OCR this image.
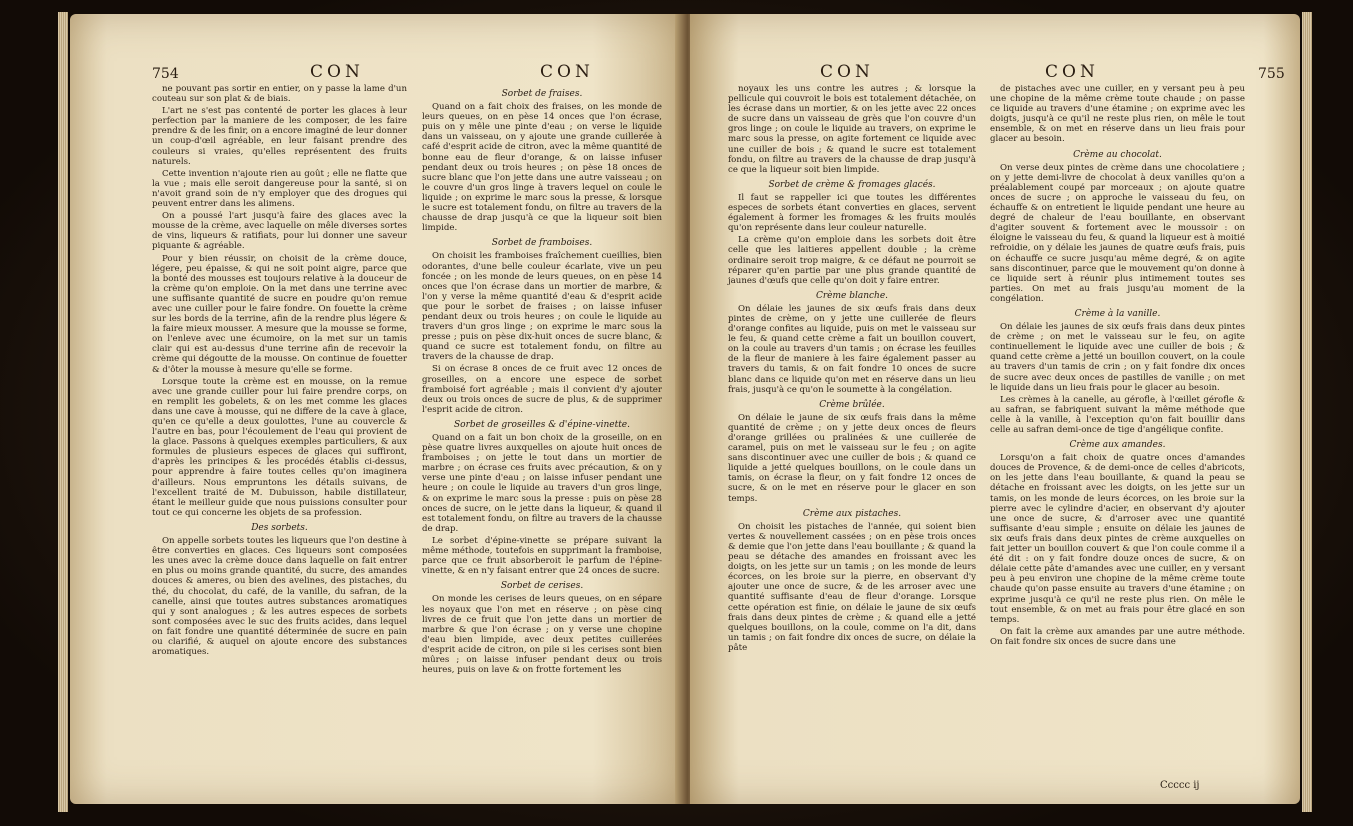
754	CON	CON

ne pouvant pas sortir en entier, on y passe la lame d'un couteau sur son plat & de biais.

L'art ne s'est pas contenté de porter les glaces à leur perfection par la maniere de les composer, de les faire prendre & de les finir, on a encore imaginé de leur donner un coup-d'œil agréable, en leur faisant prendre des couleurs si vraies, qu'elles représentent des fruits naturels.

Cette invention n'ajoute rien au goût ; elle ne flatte que la vue ; mais elle seroit dangereuse pour la santé, si on n'avoit grand soin de n'y employer que des drogues qui peuvent entrer dans les alimens.

On a poussé l'art jusqu'à faire des glaces avec la mousse de la crème, avec laquelle on mêle diverses sortes de vins, liqueurs & ratifiats, pour lui donner une saveur piquante & agréable.

Pour y bien réussir, on choisit de la crème douce, légere, peu épaisse, & qui ne soit point aigre, parce que la bonté des mousses est toujours relative à la douceur de la crème qu'on emploie. On la met dans une terrine avec une suffisante quantité de sucre en poudre qu'on remue avec une cuiller pour le faire fondre. On fouette la crème sur les bords de la terrine, afin de la rendre plus légere & la faire mieux mousser. A mesure que la mousse se forme, on l'enleve avec une écumoire, on la met sur un tamis clair qui est au-dessus d'une terrine afin de recevoir la crème qui dégoutte de la mousse. On continue de fouetter & d'ôter la mousse à mesure qu'elle se forme.

Lorsque toute la crème est en mousse, on la remue avec une grande cuiller pour lui faire prendre corps, on en remplit les gobelets, & on les met comme les glaces dans une cave à mousse, qui ne differe de la cave à glace, qu'en ce qu'elle a deux goulottes, l'une au couvercle & l'autre en bas, pour l'écoulement de l'eau qui provient de la glace. Passons à quelques exemples particuliers, & aux formules de plusieurs especes de glaces qui suffiront, d'après les principes & les procédés établis ci-dessus, pour apprendre à faire toutes celles qu'on imaginera d'ailleurs. Nous empruntons les détails suivans, de l'excellent traité de M. Dubuisson, habile distillateur, étant le meilleur guide que nous puissions consulter pour tout ce qui concerne les objets de sa profession.

Des sorbets.

On appelle sorbets toutes les liqueurs que l'on destine à être converties en glaces. Ces liqueurs sont composées les unes avec la crème douce dans laquelle on fait entrer en plus ou moins grande quantité, du sucre, des amandes douces & ameres, ou bien des avelines, des pistaches, du thé, du chocolat, du café, de la vanille, du safran, de la canelle, ainsi que toutes autres substances aromatiques qui y sont analogues ; & les autres especes de sorbets sont composées avec le suc des fruits acides, dans lequel on fait fondre une quantité déterminée de sucre en pain ou clarifié, & auquel on ajoute encore des substances aromatiques.

Sorbet de fraises.

Quand on a fait choix des fraises, on les monde de leurs queues, on en pèse 14 onces que l'on écrase, puis on y mêle une pinte d'eau ; on verse le liquide dans un vaisseau, on y ajoute une grande cuillerée à café d'esprit acide de citron, avec la même quantité de bonne eau de fleur d'orange, & on laisse infuser pendant deux ou trois heures ; on pèse 18 onces de sucre blanc que l'on jette dans une autre vaisseau ; on le couvre d'un gros linge à travers lequel on coule le liquide ; on exprime le marc sous la presse, & lorsque le sucre est totalement fondu, on filtre au travers de la chausse de drap jusqu'à ce que la liqueur soit bien limpide.

Sorbet de framboises.

On choisit les framboises fraîchement cueillies, bien odorantes, d'une belle couleur écarlate, vive un peu foncée ; on les monde de leurs queues, on en pèse 14 onces que l'on écrase dans un mortier de marbre, & l'on y verse la même quantité d'eau & d'esprit acide que pour le sorbet de fraises ; on laisse infuser pendant deux ou trois heures ; on coule le liquide au travers d'un gros linge ; on exprime le marc sous la presse ; puis on pèse dix-huit onces de sucre blanc, & quand ce sucre est totalement fondu, on filtre au travers de la chausse de drap.

Si on écrase 8 onces de ce fruit avec 12 onces de groseilles, on a encore une espece de sorbet framboisé fort agréable ; mais il convient d'y ajouter deux ou trois onces de sucre de plus, & de supprimer l'esprit acide de citron.

Sorbet de groseilles & d'épine-vinette.

Quand on a fait un bon choix de la groseille, on en pèse quatre livres auxquelles on ajoute huit onces de framboises ; on jette le tout dans un mortier de marbre ; on écrase ces fruits avec précaution, & on y verse une pinte d'eau ; on laisse infuser pendant une heure ; on coule le liquide au travers d'un gros linge, & on exprime le marc sous la presse : puis on pèse 28 onces de sucre, on le jette dans la liqueur, & quand il est totalement fondu, on filtre au travers de la chausse de drap.

Le sorbet d'épine-vinette se prépare suivant la même méthode, toutefois en supprimant la framboise, parce que ce fruit absorberoit le parfum de l'épine-vinette, & en n'y faisant entrer que 24 onces de sucre.

Sorbet de cerises.

On monde les cerises de leurs queues, on en sépare les noyaux que l'on met en réserve ; on pèse cinq livres de ce fruit que l'on jette dans un mortier de marbre & que l'on écrase ; on y verse une chopine d'eau bien limpide, avec deux petites cuillerées d'esprit acide de citron, on pile si les cerises sont bien mûres ; on laisse infuser pendant deux ou trois heures, puis on lave & on frotte fortement les

CON	CON	755

noyaux les uns contre les autres ; & lorsque la pellicule qui couvroit le bois est totalement détachée, on les écrase dans un mortier, & on les jette avec 22 onces de sucre dans un vaisseau de grès que l'on couvre d'un gros linge ; on coule le liquide au travers, on exprime le marc sous la presse, on agite fortement ce liquide avec une cuiller de bois ; & quand le sucre est totalement fondu, on filtre au travers de la chausse de drap jusqu'à ce que la liqueur soit bien limpide.

Sorbet de crème & fromages glacés.

Il faut se rappeller ici que toutes les différentes especes de sorbets étant converties en glaces, servent également à former les fromages & les fruits moulés qu'on représente dans leur couleur naturelle.

La crème qu'on emploie dans les sorbets doit être celle que les laitieres appellent double ; la crème ordinaire seroit trop maigre, & ce défaut ne pourroit se réparer qu'en partie par une plus grande quantité de jaunes d'œufs que celle qu'on doit y faire entrer.

Crème blanche.

On délaie les jaunes de six œufs frais dans deux pintes de crème, on y jette une cuillerée de fleurs d'orange confites au liquide, puis on met le vaisseau sur le feu, & quand cette crème a fait un bouillon couvert, on la coule au travers d'un tamis ; on écrase les feuilles de la fleur de maniere à les faire également passer au travers du tamis, & on fait fondre 10 onces de sucre blanc dans ce liquide qu'on met en réserve dans un lieu frais, jusqu'à ce qu'on le soumette à la congélation.

Crème brûlée.

On délaie le jaune de six œufs frais dans la même quantité de crème ; on y jette deux onces de fleurs d'orange grillées ou pralinées & une cuillerée de caramel, puis on met le vaisseau sur le feu ; on agite sans discontinuer avec une cuiller de bois ; & quand ce liquide a jetté quelques bouillons, on le coule dans un tamis, on écrase la fleur, on y fait fondre 12 onces de sucre, & on le met en réserve pour le glacer en son temps.

Crème aux pistaches.

On choisit les pistaches de l'année, qui soient bien vertes & nouvellement cassées ; on en pèse trois onces & demie que l'on jette dans l'eau bouillante ; & quand la peau se détache des amandes en froissant avec les doigts, on les jette sur un tamis ; on les monde de leurs écorces, on les broie sur la pierre, en observant d'y ajouter une once de sucre, & de les arroser avec une quantité suffisante d'eau de fleur d'orange. Lorsque cette opération est finie, on délaie le jaune de six œufs frais dans deux pintes de crème ; & quand elle a jetté quelques bouillons, on la coule, comme on l'a dit, dans un tamis ; on fait fondre dix onces de sucre, on délaie la pâte

de pistaches avec une cuiller, en y versant peu à peu une chopine de la même crème toute chaude ; on passe ce liquide au travers d'une étamine ; on exprime avec les doigts, jusqu'à ce qu'il ne reste plus rien, on mêle le tout ensemble, & on met en réserve dans un lieu frais pour glacer au besoin.

Crème au chocolat.

On verse deux pintes de crème dans une chocolatiere ; on y jette demi-livre de chocolat à deux vanilles qu'on a préalablement coupé par morceaux ; on ajoute quatre onces de sucre ; on approche le vaisseau du feu, on échauffe & on entretient le liquide pendant une heure au degré de chaleur de l'eau bouillante, en observant d'agiter souvent & fortement avec le moussoir : on éloigne le vaisseau du feu, & quand la liqueur est à moitié refroidie, on y délaie les jaunes de quatre œufs frais, puis on échauffe ce sucre jusqu'au même degré, & on agite sans discontinuer, parce que le mouvement qu'on donne à ce liquide sert à réunir plus intimement toutes ses parties. On met au frais jusqu'au moment de la congélation.

Crème à la vanille.

On délaie les jaunes de six œufs frais dans deux pintes de crème ; on met le vaisseau sur le feu, on agite continuellement le liquide avec une cuiller de bois ; & quand cette crème a jetté un bouillon couvert, on la coule au travers d'un tamis de crin ; on y fait fondre dix onces de sucre avec deux onces de pastilles de vanille ; on met le liquide dans un lieu frais pour le glacer au besoin.

Les crèmes à la canelle, au gérofle, à l'œillet gérofle & au safran, se fabriquent suivant la même méthode que celle à la vanille, à l'exception qu'on fait bouillir dans celle au safran demi-once de tige d'angélique confite.

Crème aux amandes.

Lorsqu'on a fait choix de quatre onces d'amandes douces de Provence, & de demi-once de celles d'abricots, on les jette dans l'eau bouillante, & quand la peau se détache en froissant avec les doigts, on les jette sur un tamis, on les monde de leurs écorces, on les broie sur la pierre avec le cylindre d'acier, en observant d'y ajouter une once de sucre, & d'arroser avec une quantité suffisante d'eau simple ; ensuite on délaie les jaunes de six œufs frais dans deux pintes de crème auxquelles on fait jetter un bouillon couvert & que l'on coule comme il a été dit : on y fait fondre douze onces de sucre, & on délaie cette pâte d'amandes avec une cuiller, en y versant peu à peu environ une chopine de la même crème toute chaude qu'on passe ensuite au travers d'une étamine ; on exprime jusqu'à ce qu'il ne reste plus rien. On mêle le tout ensemble, & on met au frais pour être glacé en son temps.

On fait la crème aux amandes par une autre méthode. On fait fondre six onces de sucre dans une

Ccccc ij
